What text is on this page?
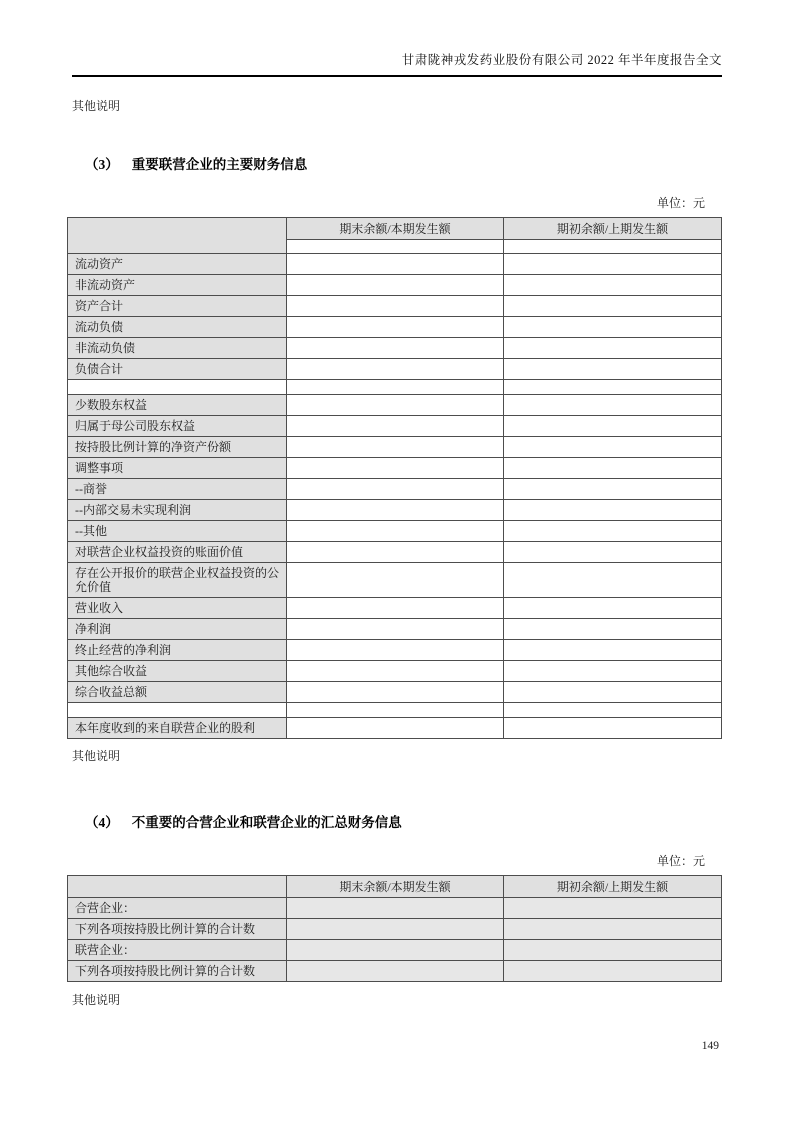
甘肃陇神戎发药业股份有限公司 2022 年半年度报告全文

其他说明

（3） 重要联营企业的主要财务信息
单位：元
	期末余额/本期发生额	期初余额/上期发生额

流动资产		
非流动资产		
资产合计		
流动负债		
非流动负债		
负债合计		

少数股东权益		
归属于母公司股东权益		
按持股比例计算的净资产份额		
调整事项		
--商誉		
--内部交易未实现利润		
--其他		
对联营企业权益投资的账面价值		
存在公开报价的联营企业权益投资的公允价值		
营业收入		
净利润		
终止经营的净利润		
其他综合收益		
综合收益总额		

本年度收到的来自联营企业的股利		

其他说明

（4） 不重要的合营企业和联营企业的汇总财务信息
单位：元
	期末余额/本期发生额	期初余额/上期发生额
合营企业：		
下列各项按持股比例计算的合计数		
联营企业：		
下列各项按持股比例计算的合计数		

其他说明

149
